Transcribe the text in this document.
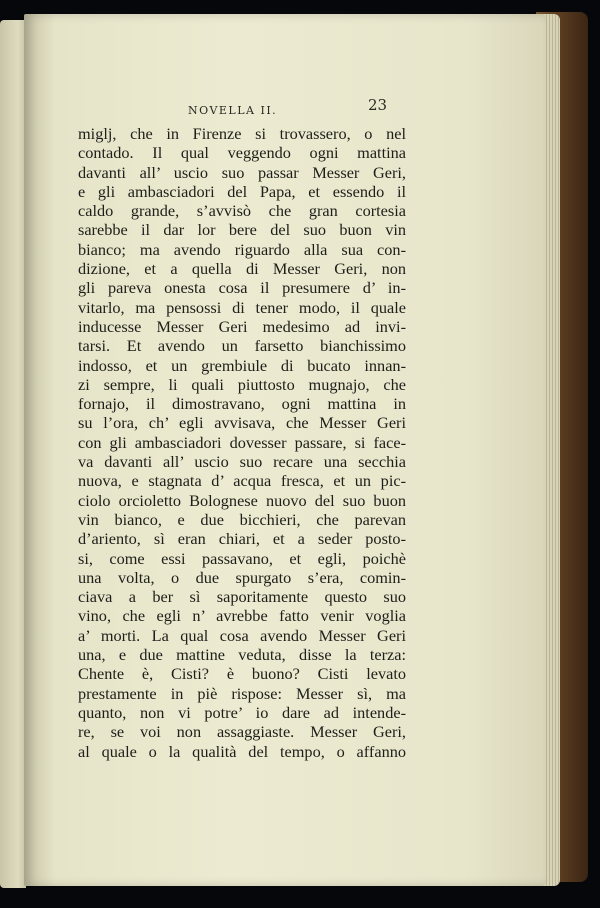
NOVELLA II.	23
miglj, che in Firenze si trovassero, o nel
contado. Il qual veggendo ogni mattina
davanti all’ uscio suo passar Messer Geri,
e gli ambasciadori del Papa, et essendo il
caldo grande, s’avvisò che gran cortesia
sarebbe il dar lor bere del suo buon vin
bianco; ma avendo riguardo alla sua con-
dizione, et a quella di Messer Geri, non
gli pareva onesta cosa il presumere d’ in-
vitarlo, ma pensossi di tener modo, il quale
inducesse Messer Geri medesimo ad invi-
tarsi. Et avendo un farsetto bianchissimo
indosso, et un grembiule di bucato innan-
zi sempre, li quali piuttosto mugnajo, che
fornajo, il dimostravano, ogni mattina in
su l’ora, ch’ egli avvisava, che Messer Geri
con gli ambasciadori dovesser passare, si face-
va davanti all’ uscio suo recare una secchia
nuova, e stagnata d’ acqua fresca, et un pic-
ciolo orcioletto Bolognese nuovo del suo buon
vin bianco, e due bicchieri, che parevan
d’ariento, sì eran chiari, et a seder posto-
si, come essi passavano, et egli, poichè
una volta, o due spurgato s’era, comin-
ciava a ber sì saporitamente questo suo
vino, che egli n’ avrebbe fatto venir voglia
a’ morti. La qual cosa avendo Messer Geri
una, e due mattine veduta, disse la terza:
Chente è, Cisti? è buono? Cisti levato
prestamente in piè rispose: Messer sì, ma
quanto, non vi potre’ io dare ad intende-
re, se voi non assaggiaste. Messer Geri,
al quale o la qualità del tempo, o affanno
